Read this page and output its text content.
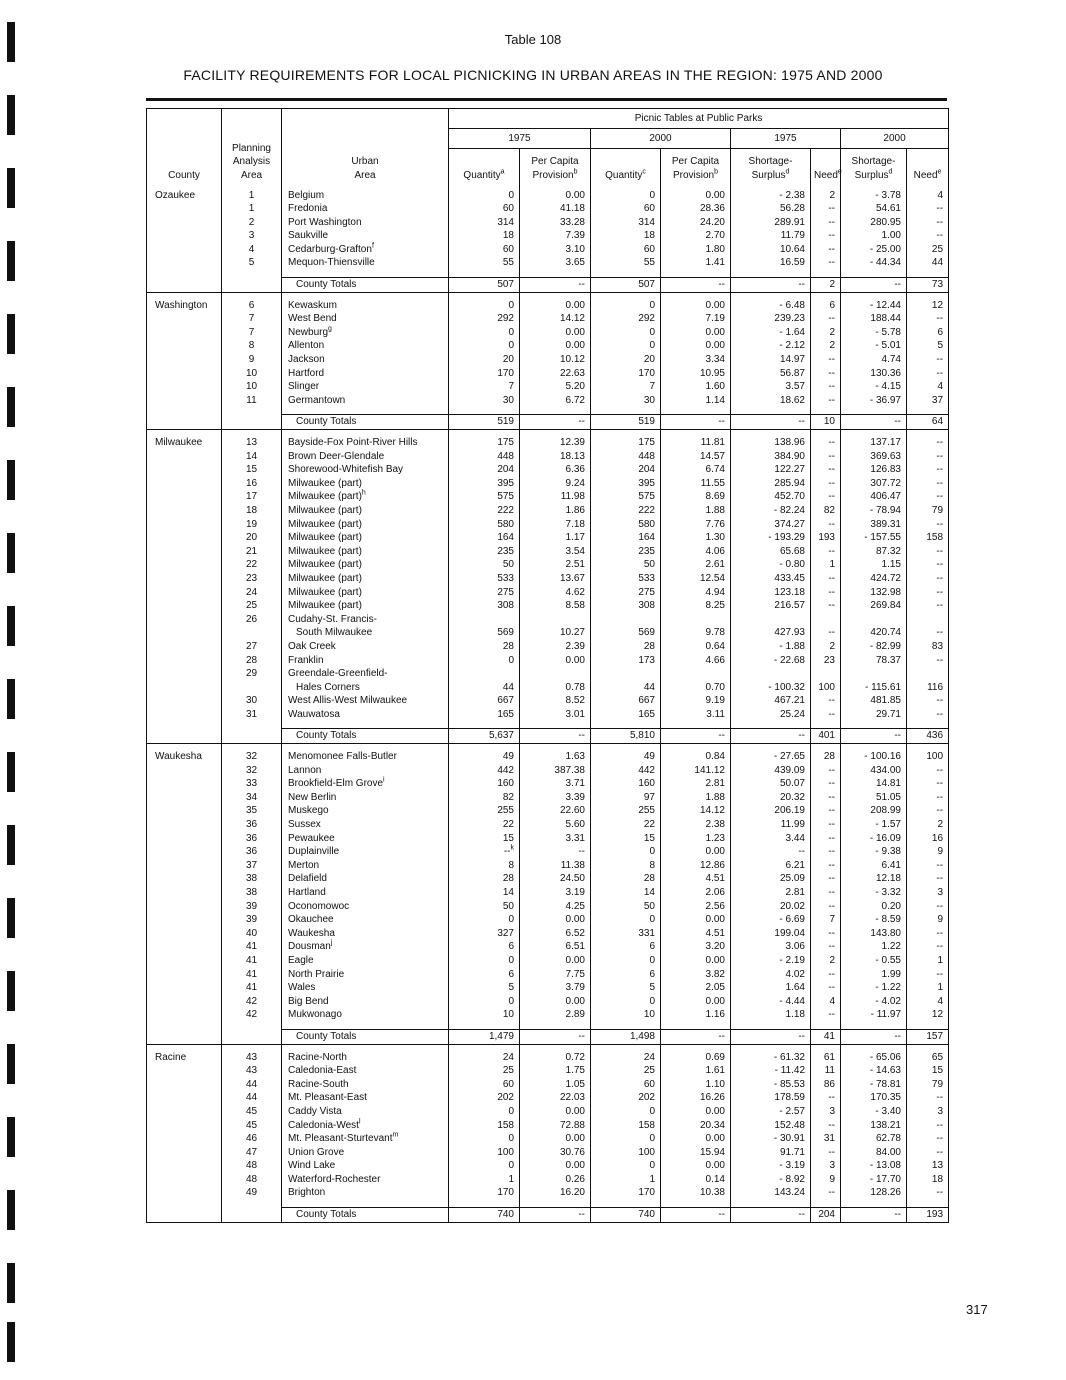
Table 108
FACILITY REQUIREMENTS FOR LOCAL PICNICKING IN URBAN AREAS IN THE REGION: 1975 AND 2000
County	Planning
Analysis
Area	Urban
Area	Picnic Tables at Public Parks							
			1975		2000		1975		2000	
			Quantity$^a$	Per Capita
Provision$^b$	Quantity$^c$	Per Capita
Provision$^b$	Shortage-
Surplus$^d$	Need$^e$	Shortage-
Surplus$^d$	Need$^e$
Ozaukee	1	Belgium	0	0.00	0	0.00	- 2.38	2	- 3.78	4
	1	Fredonia	60	41.18	60	28.36	56.28	--	54.61	--
	2	Port Washington	314	33.28	314	24.20	289.91	--	280.95	--
	3	Saukville	18	7.39	18	2.70	11.79	--	1.00	--
	4	Cedarburg-Grafton$^f$	60	3.10	60	1.80	10.64	--	- 25.00	25
	5	Mequon-Thiensville	55	3.65	55	1.41	16.59	--	- 44.34	44

		County Totals	507	--	507	--	--	2	--	73
Washington	6	Kewaskum	0	0.00	0	0.00	- 6.48	6	- 12.44	12
	7	West Bend	292	14.12	292	7.19	239.23	--	188.44	--
	7	Newburg$^g$	0	0.00	0	0.00	- 1.64	2	- 5.78	6
	8	Allenton	0	0.00	0	0.00	- 2.12	2	- 5.01	5
	9	Jackson	20	10.12	20	3.34	14.97	--	4.74	--
	10	Hartford	170	22.63	170	10.95	56.87	--	130.36	--
	10	Slinger	7	5.20	7	1.60	3.57	--	- 4.15	4
	11	Germantown	30	6.72	30	1.14	18.62	--	- 36.97	37

		County Totals	519	--	519	--	--	10	--	64
Milwaukee	13	Bayside-Fox Point-River Hills	175	12.39	175	11.81	138.96	--	137.17	--
	14	Brown Deer-Glendale	448	18.13	448	14.57	384.90	--	369.63	--
	15	Shorewood-Whitefish Bay	204	6.36	204	6.74	122.27	--	126.83	--
	16	Milwaukee (part)	395	9.24	395	11.55	285.94	--	307.72	--
	17	Milwaukee (part)$^h$	575	11.98	575	8.69	452.70	--	406.47	--
	18	Milwaukee (part)	222	1.86	222	1.88	- 82.24	82	- 78.94	79
	19	Milwaukee (part)	580	7.18	580	7.76	374.27	--	389.31	--
	20	Milwaukee (part)	164	1.17	164	1.30	- 193.29	193	- 157.55	158
	21	Milwaukee (part)	235	3.54	235	4.06	65.68	--	87.32	--
	22	Milwaukee (part)	50	2.51	50	2.61	- 0.80	1	1.15	--
	23	Milwaukee (part)	533	13.67	533	12.54	433.45	--	424.72	--
	24	Milwaukee (part)	275	4.62	275	4.94	123.18	--	132.98	--
	25	Milwaukee (part)	308	8.58	308	8.25	216.57	--	269.84	--
	26	Cudahy-St. Francis-								
		South Milwaukee	569	10.27	569	9.78	427.93	--	420.74	--
	27	Oak Creek	28	2.39	28	0.64	- 1.88	2	- 82.99	83
	28	Franklin	0	0.00	173	4.66	- 22.68	23	78.37	--
	29	Greendale-Greenfield-								
		Hales Corners	44	0.78	44	0.70	- 100.32	100	- 115.61	116
	30	West Allis-West Milwaukee	667	8.52	667	9.19	467.21	--	481.85	--
	31	Wauwatosa	165	3.01	165	3.11	25.24	--	29.71	--

		County Totals	5,637	--	5,810	--	--	401	--	436
Waukesha	32	Menomonee Falls-Butler	49	1.63	49	0.84	- 27.65	28	- 100.16	100
	32	Lannon	442	387.38	442	141.12	439.09	--	434.00	--
	33	Brookfield-Elm Grove$^i$	160	3.71	160	2.81	50.07	--	14.81	--
	34	New Berlin	82	3.39	97	1.88	20.32	--	51.05	--
	35	Muskego	255	22.60	255	14.12	206.19	--	208.99	--
	36	Sussex	22	5.60	22	2.38	11.99	--	- 1.57	2
	36	Pewaukee	15	3.31	15	1.23	3.44	--	- 16.09	16
	36	Duplainville	--$^k$	--	0	0.00	--	--	- 9.38	9
	37	Merton	8	11.38	8	12.86	6.21	--	6.41	--
	38	Delafield	28	24.50	28	4.51	25.09	--	12.18	--
	38	Hartland	14	3.19	14	2.06	2.81	--	- 3.32	3
	39	Oconomowoc	50	4.25	50	2.56	20.02	--	0.20	--
	39	Okauchee	0	0.00	0	0.00	- 6.69	7	- 8.59	9
	40	Waukesha	327	6.52	331	4.51	199.04	--	143.80	--
	41	Dousman$^j$	6	6.51	6	3.20	3.06	--	1.22	--
	41	Eagle	0	0.00	0	0.00	- 2.19	2	- 0.55	1
	41	North Prairie	6	7.75	6	3.82	4.02	--	1.99	--
	41	Wales	5	3.79	5	2.05	1.64	--	- 1.22	1
	42	Big Bend	0	0.00	0	0.00	- 4.44	4	- 4.02	4
	42	Mukwonago	10	2.89	10	1.16	1.18	--	- 11.97	12

		County Totals	1,479	--	1,498	--	--	41	--	157
Racine	43	Racine-North	24	0.72	24	0.69	- 61.32	61	- 65.06	65
	43	Caledonia-East	25	1.75	25	1.61	- 11.42	11	- 14.63	15
	44	Racine-South	60	1.05	60	1.10	- 85.53	86	- 78.81	79
	44	Mt. Pleasant-East	202	22.03	202	16.26	178.59	--	170.35	--
	45	Caddy Vista	0	0.00	0	0.00	- 2.57	3	- 3.40	3
	45	Caledonia-West$^l$	158	72.88	158	20.34	152.48	--	138.21	--
	46	Mt. Pleasant-Sturtevant$^m$	0	0.00	0	0.00	- 30.91	31	62.78	--
	47	Union Grove	100	30.76	100	15.94	91.71	--	84.00	--
	48	Wind Lake	0	0.00	0	0.00	- 3.19	3	- 13.08	13
	48	Waterford-Rochester	1	0.26	1	0.14	- 8.92	9	- 17.70	18
	49	Brighton	170	16.20	170	10.38	143.24	--	128.26	--

		County Totals	740	--	740	--	--	204	--	193
317
